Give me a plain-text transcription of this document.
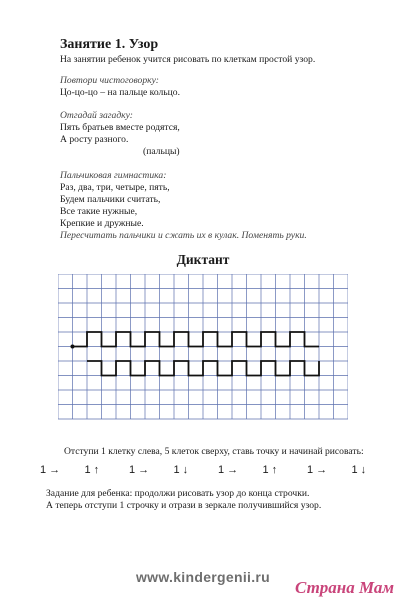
Занятие 1. Узор
На занятии ребенок учится рисовать по клеткам простой узор.
Повтори чистоговорку:
Цо-цо-цо – на пальце кольцо.
Отгадай загадку:
Пять братьев вместе родятся,
А росту разного.
(пальцы)
Пальчиковая гимнастика:
Раз, два, три, четыре, пять,
Будем пальчики считать,
Все такие нужные,
Крепкие и дружные.
Пересчитать пальчики и сжать их в кулак. Поменять руки.
Диктант
Отступи 1 клетку слева, 5 клеток сверху, ставь точку и начинай рисовать:
1 → 1 ↑	1 → 1 ↓	1 → 1 ↑	1 → 1 ↓
Задание для ребенка: продолжи рисовать узор до конца строчки.
А теперь отступи 1 строчку и отрази в зеркале получившийся узор.
www.kindergenii.ru
Страна Мам
